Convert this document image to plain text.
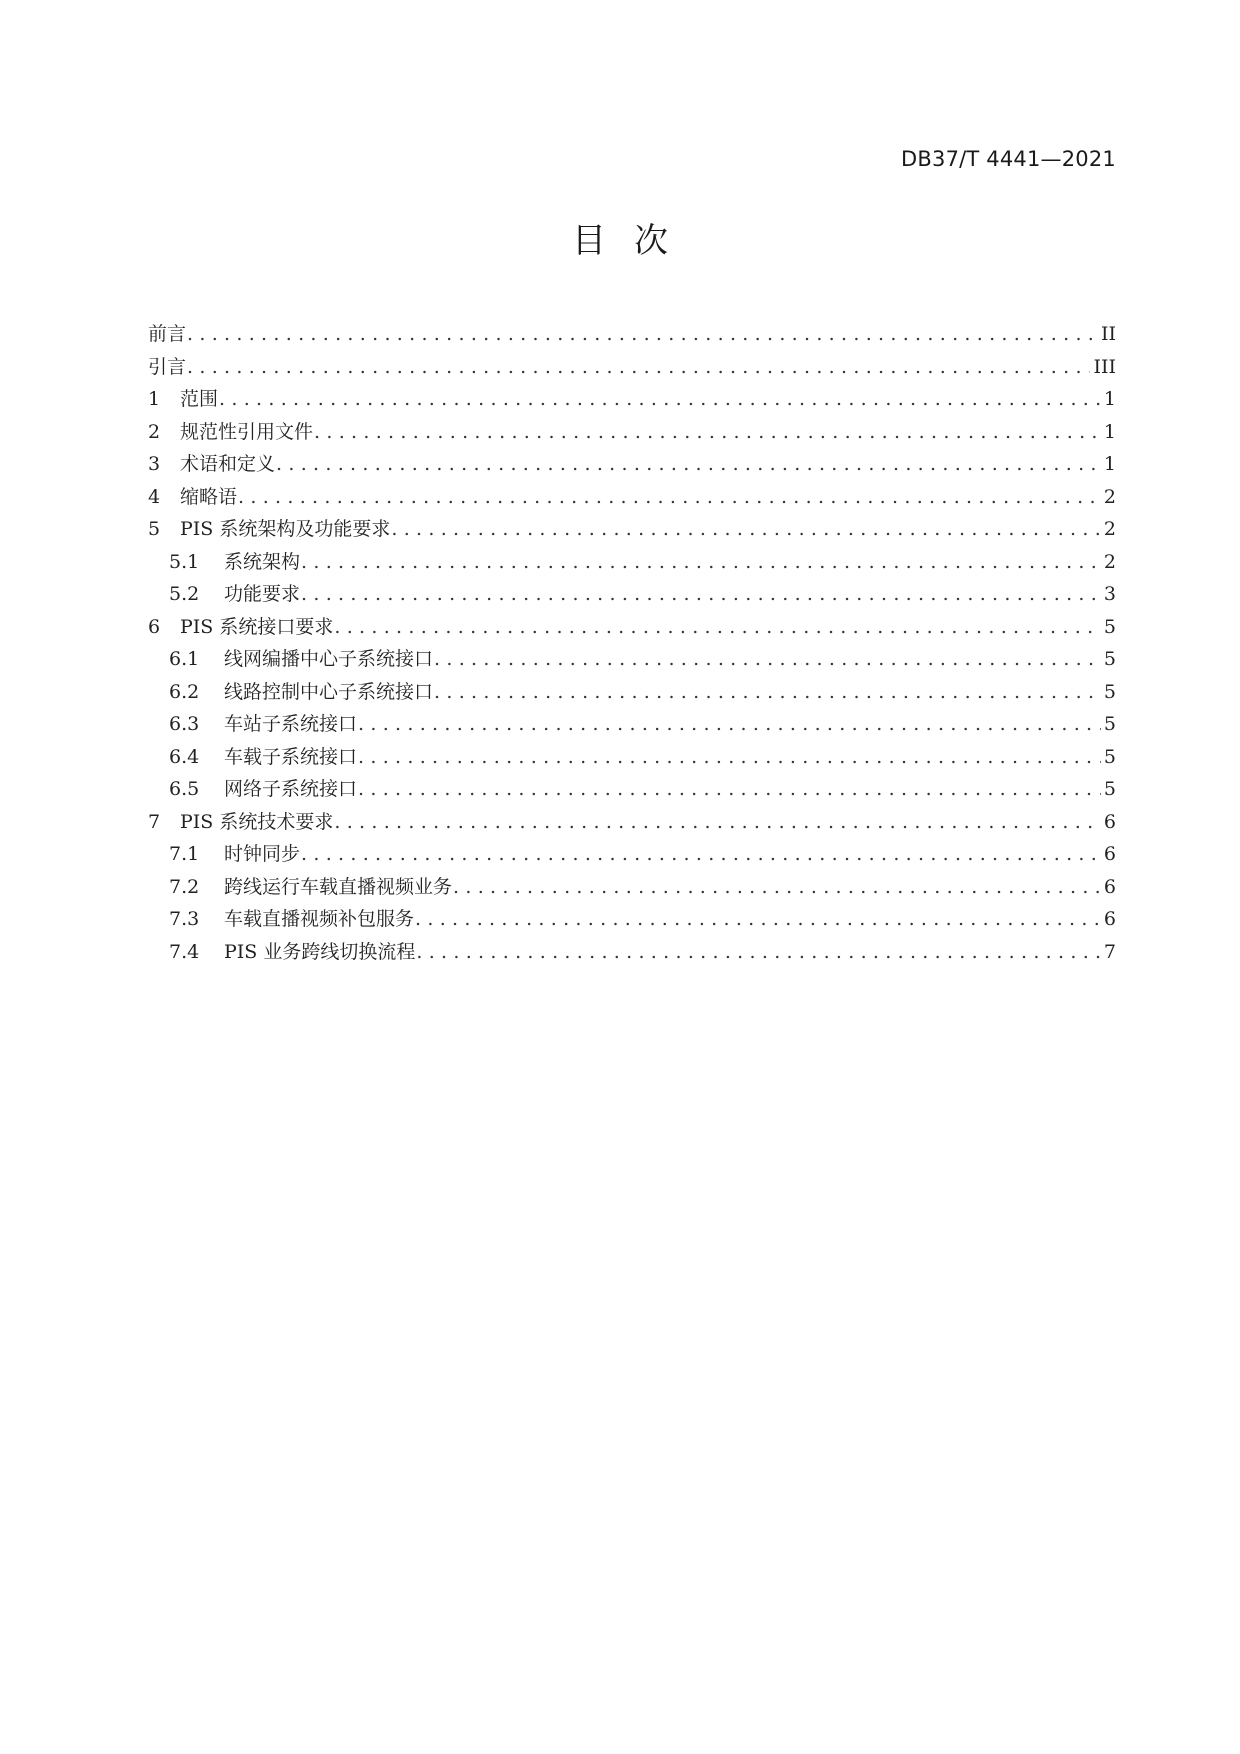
DB37/T 4441—2021
目次
前言 .....	II
引言 .....	III
1	范围 .....	1
2	规范性引用文件 .....	1
3	术语和定义 .....	1
4	缩略语 .....	2
5	PIS 系统架构及功能要求 .....	2
5.1	系统架构 .....	2
5.2	功能要求 .....	3
6	PIS 系统接口要求 .....	5
6.1	线网编播中心子系统接口 .....	5
6.2	线路控制中心子系统接口 .....	5
6.3	车站子系统接口 .....	5
6.4	车载子系统接口 .....	5
6.5	网络子系统接口 .....	5
7	PIS 系统技术要求 .....	6
7.1	时钟同步 .....	6
7.2	跨线运行车载直播视频业务 .....	6
7.3	车载直播视频补包服务 .....	6
7.4	PIS 业务跨线切换流程 .....	7
